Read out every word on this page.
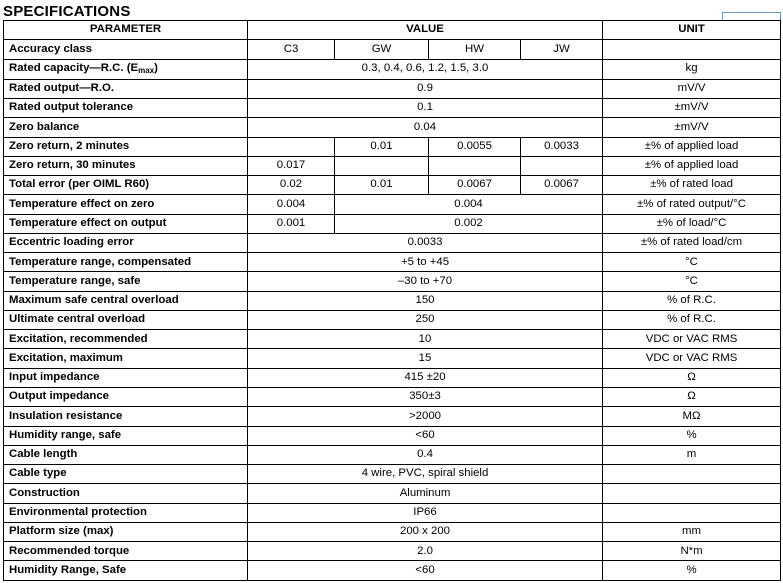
SPECIFICATIONS
PARAMETER	VALUE				UNIT
Accuracy class	C3	GW	HW	JW	
Rated capacity—R.C. $(E_{max})$	0.3, 0.4, 0.6, 1.2, 1.5, 3.0				kg
Rated output—R.O.	0.9				mV/V
Rated output tolerance	0.1				±mV/V
Zero balance	0.04				±mV/V
Zero return, 2 minutes		0.01	0.0055	0.0033	±% of applied load
Zero return, 30 minutes	0.017				±% of applied load
Total error (per OIML R60)	0.02	0.01	0.0067	0.0067	±% of rated load
Temperature effect on zero	0.004	0.004			±% of rated output/°C
Temperature effect on output	0.001	0.002			±% of load/°C
Eccentric loading error	0.0033				±% of rated load/cm
Temperature range, compensated	+5 to +45				°C
Temperature range, safe	–30 to +70				°C
Maximum safe central overload	150				% of R.C.
Ultimate central overload	250				% of R.C.
Excitation, recommended	10				VDC or VAC RMS
Excitation, maximum	15				VDC or VAC RMS
Input impedance	415 ±20				Ω
Output impedance	350±3				Ω
Insulation resistance	>2000				MΩ
Humidity range, safe	<60				%
Cable length	0.4				m
Cable type	4 wire, PVC, spiral shield				
Construction	Aluminum				
Environmental protection	IP66				
Platform size (max)	200 x 200				mm
Recommended torque	2.0				N*m
Humidity Range, Safe	<60				%
